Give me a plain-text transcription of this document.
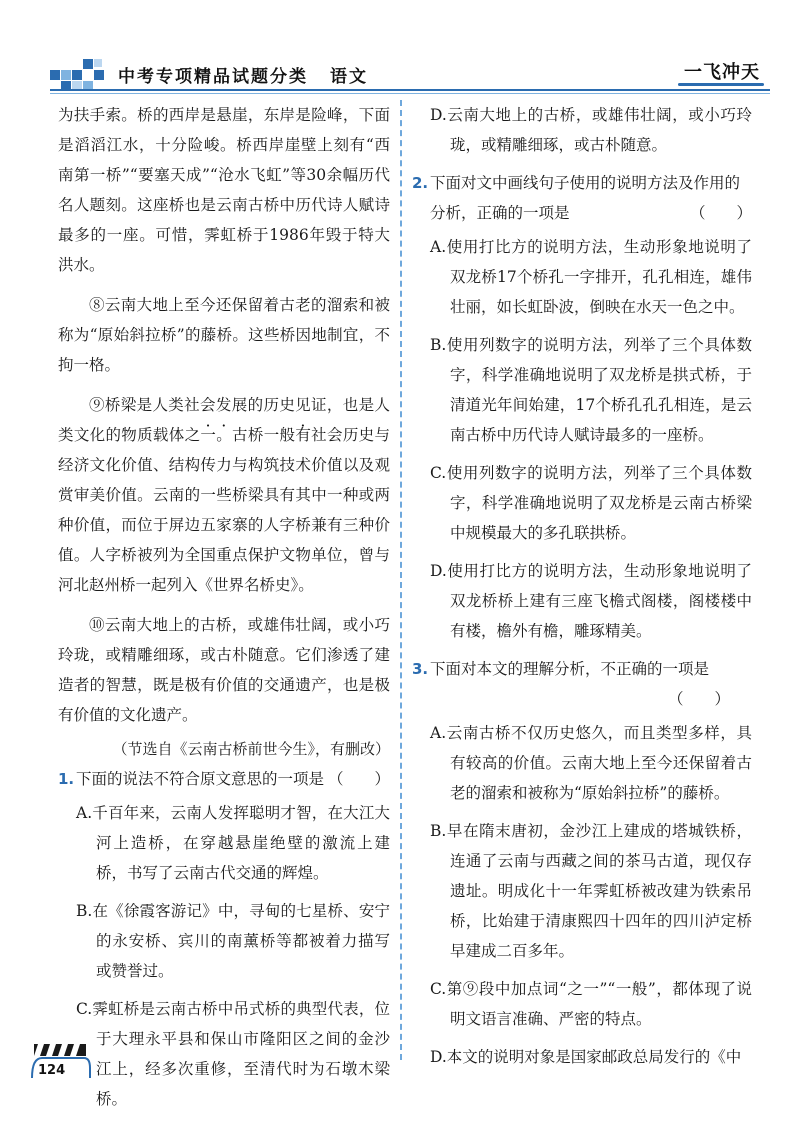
中考专项精品试题分类 语文	一飞冲天

为扶手索。桥的西岸是悬崖，东岸是险峰，下面是滔滔江水，十分险峻。桥西岸崖壁上刻有“西南第一桥”“要塞天成”“沧水飞虹”等30余幅历代名人题刻。这座桥也是云南古桥中历代诗人赋诗最多的一座。可惜，霁虹桥于1986年毁于特大洪水。

⑧云南大地上至今还保留着古老的溜索和被称为“原始斜拉桥”的藤桥。这些桥因地制宜，不拘一格。

⑨桥梁是人类社会发展的历史见证，也是人类文化的物质载体之一。古桥一般有社会历史与经济文化价值、结构传力与构筑技术价值以及观赏审美价值。云南的一些桥梁具有其中一种或两种价值，而位于屏边五家寨的人字桥兼有三种价值。人字桥被列为全国重点保护文物单位，曾与河北赵州桥一起列入《世界名桥史》。

⑩云南大地上的古桥，或雄伟壮阔，或小巧玲珑，或精雕细琢，或古朴随意。它们渗透了建造者的智慧，既是极有价值的交通遗产，也是极有价值的文化遗产。

（节选自《云南古桥前世今生》，有删改）

1. 下面的说法不符合原文意思的一项是 （　　）

A.千百年来，云南人发挥聪明才智，在大江大河上造桥，在穿越悬崖绝壁的激流上建桥，书写了云南古代交通的辉煌。

B.在《徐霞客游记》中，寻甸的七星桥、安宁的永安桥、宾川的南薰桥等都被着力描写或赞誉过。

C.霁虹桥是云南古桥中吊式桥的典型代表，位于大理永平县和保山市隆阳区之间的金沙江上，经多次重修，至清代时为石墩木梁桥。

D.云南大地上的古桥，或雄伟壮阔，或小巧玲珑，或精雕细琢，或古朴随意。

2. 下面对文中画线句子使用的说明方法及作用的分析，正确的一项是	（　　）

A.使用打比方的说明方法，生动形象地说明了双龙桥17个桥孔一字排开，孔孔相连，雄伟壮丽，如长虹卧波，倒映在水天一色之中。

B.使用列数字的说明方法，列举了三个具体数字，科学准确地说明了双龙桥是拱式桥，于清道光年间始建，17个桥孔孔孔相连，是云南古桥中历代诗人赋诗最多的一座桥。

C.使用列数字的说明方法，列举了三个具体数字，科学准确地说明了双龙桥是云南古桥梁中规模最大的多孔联拱桥。

D.使用打比方的说明方法，生动形象地说明了双龙桥桥上建有三座飞檐式阁楼，阁楼楼中有楼，檐外有檐，雕琢精美。

3. 下面对本文的理解分析，不正确的一项是
（　　）

A.云南古桥不仅历史悠久，而且类型多样，具有较高的价值。云南大地上至今还保留着古老的溜索和被称为“原始斜拉桥”的藤桥。

B.早在隋末唐初，金沙江上建成的塔城铁桥，连通了云南与西藏之间的茶马古道，现仅存遗址。明成化十一年霁虹桥被改建为铁索吊桥，比始建于清康熙四十四年的四川泸定桥早建成二百多年。

C.第⑨段中加点词“之一”“一般”，都体现了说明文语言准确、严密的特点。

D.本文的说明对象是国家邮政总局发行的《中

124
